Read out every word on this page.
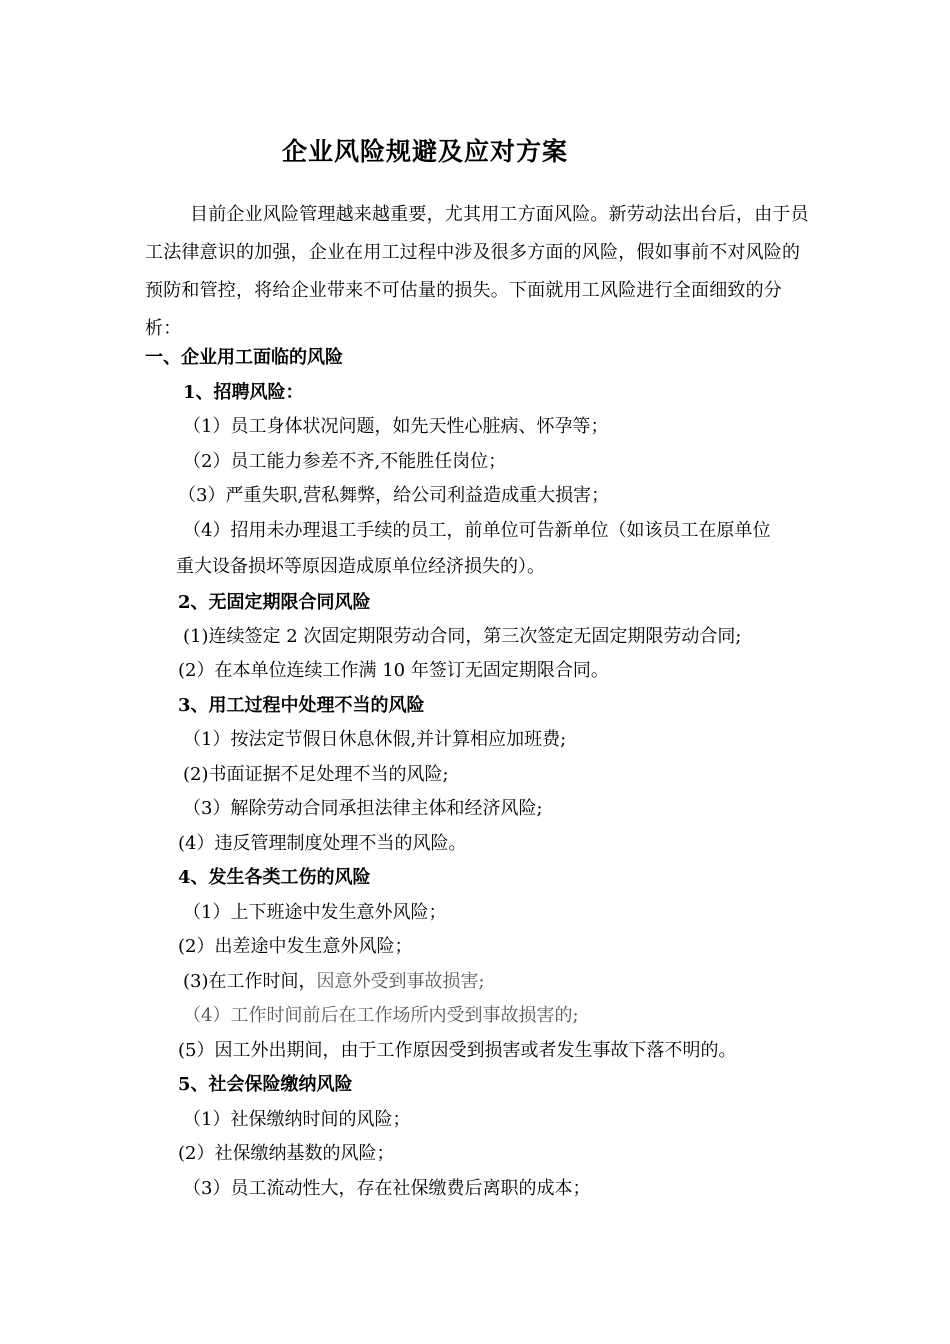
企业风险规避及应对方案

目前企业风险管理越来越重要，尤其用工方面风险。新劳动法出台后，由于员工法律意识的加强，企业在用工过程中涉及很多方面的风险，假如事前不对风险的预防和管控，将给企业带来不可估量的损失。下面就用工风险进行全面细致的分析：

一、企业用工面临的风险
1、招聘风险：
（1）员工身体状况问题，如先天性心脏病、怀孕等；
（2）员工能力参差不齐,不能胜任岗位；
（3）严重失职,营私舞弊，给公司利益造成重大损害；
（4）招用未办理退工手续的员工，前单位可告新单位（如该员工在原单位
重大设备损坏等原因造成原单位经济损失的）。
2、无固定期限合同风险
(1)连续签定 2 次固定期限劳动合同，第三次签定无固定期限劳动合同;
(2）在本单位连续工作满 10 年签订无固定期限合同。
3、用工过程中处理不当的风险
（1）按法定节假日休息休假,并计算相应加班费;
(2)书面证据不足处理不当的风险;
（3）解除劳动合同承担法律主体和经济风险;
(4）违反管理制度处理不当的风险。
4、发生各类工伤的风险
（1）上下班途中发生意外风险；
(2）出差途中发生意外风险；
(3)在工作时间，因意外受到事故损害;
（4）工作时间前后在工作场所内受到事故损害的;
(5）因工外出期间，由于工作原因受到损害或者发生事故下落不明的。
5、社会保险缴纳风险
（1）社保缴纳时间的风险；
(2）社保缴纳基数的风险；
（3）员工流动性大，存在社保缴费后离职的成本；
